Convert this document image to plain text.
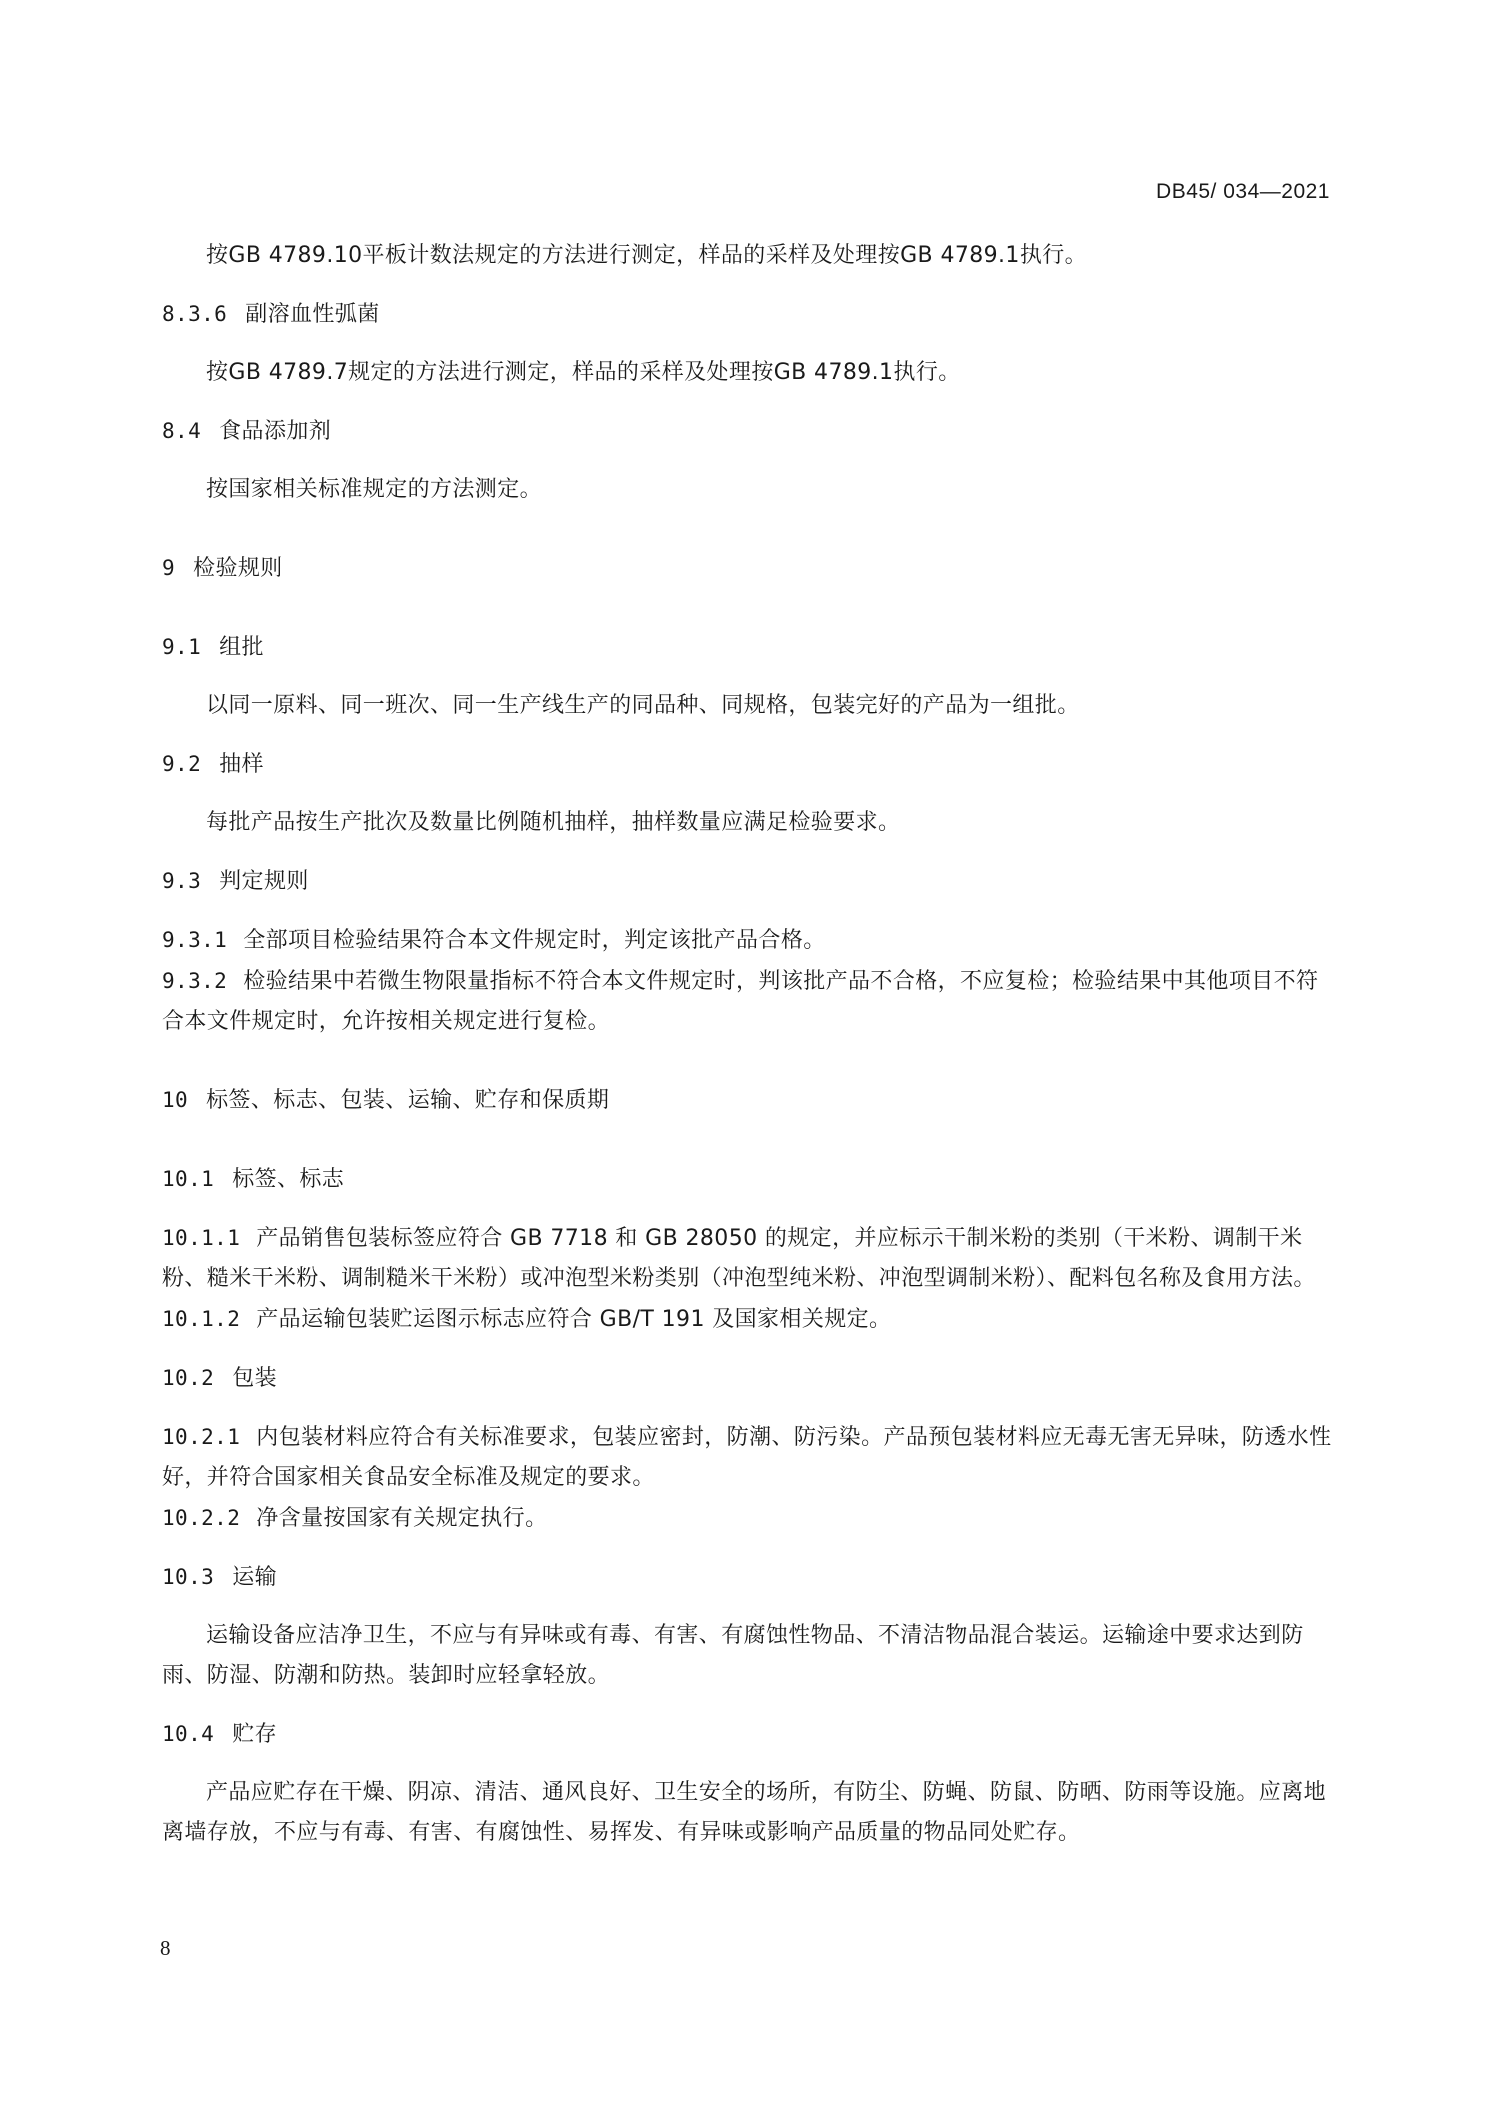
DB45/ 034—2021

按GB 4789.10平板计数法规定的方法进行测定，样品的采样及处理按GB 4789.1执行。

8.3.6 副溶血性弧菌

按GB 4789.7规定的方法进行测定，样品的采样及处理按GB 4789.1执行。

8.4 食品添加剂

按国家相关标准规定的方法测定。

9 检验规则
9.1 组批

以同一原料、同一班次、同一生产线生产的同品种、同规格，包装完好的产品为一组批。

9.2 抽样

每批产品按生产批次及数量比例随机抽样，抽样数量应满足检验要求。

9.3 判定规则

9.3.1 全部项目检验结果符合本文件规定时，判定该批产品合格。

9.3.2 检验结果中若微生物限量指标不符合本文件规定时，判该批产品不合格，不应复检；检验结果中其他项目不符合本文件规定时，允许按相关规定进行复检。

10 标签、标志、包装、运输、贮存和保质期
10.1 标签、标志

10.1.1 产品销售包装标签应符合 GB 7718 和 GB 28050 的规定，并应标示干制米粉的类别（干米粉、调制干米粉、糙米干米粉、调制糙米干米粉）或冲泡型米粉类别（冲泡型纯米粉、冲泡型调制米粉）、配料包名称及食用方法。

10.1.2 产品运输包装贮运图示标志应符合 GB/T 191 及国家相关规定。

10.2 包装

10.2.1 内包装材料应符合有关标准要求，包装应密封，防潮、防污染。产品预包装材料应无毒无害无异味，防透水性好，并符合国家相关食品安全标准及规定的要求。

10.2.2 净含量按国家有关规定执行。

10.3 运输

运输设备应洁净卫生，不应与有异味或有毒、有害、有腐蚀性物品、不清洁物品混合装运。运输途中要求达到防雨、防湿、防潮和防热。装卸时应轻拿轻放。

10.4 贮存

产品应贮存在干燥、阴凉、清洁、通风良好、卫生安全的场所，有防尘、防蝇、防鼠、防晒、防雨等设施。应离地离墙存放，不应与有毒、有害、有腐蚀性、易挥发、有异味或影响产品质量的物品同处贮存。

8
